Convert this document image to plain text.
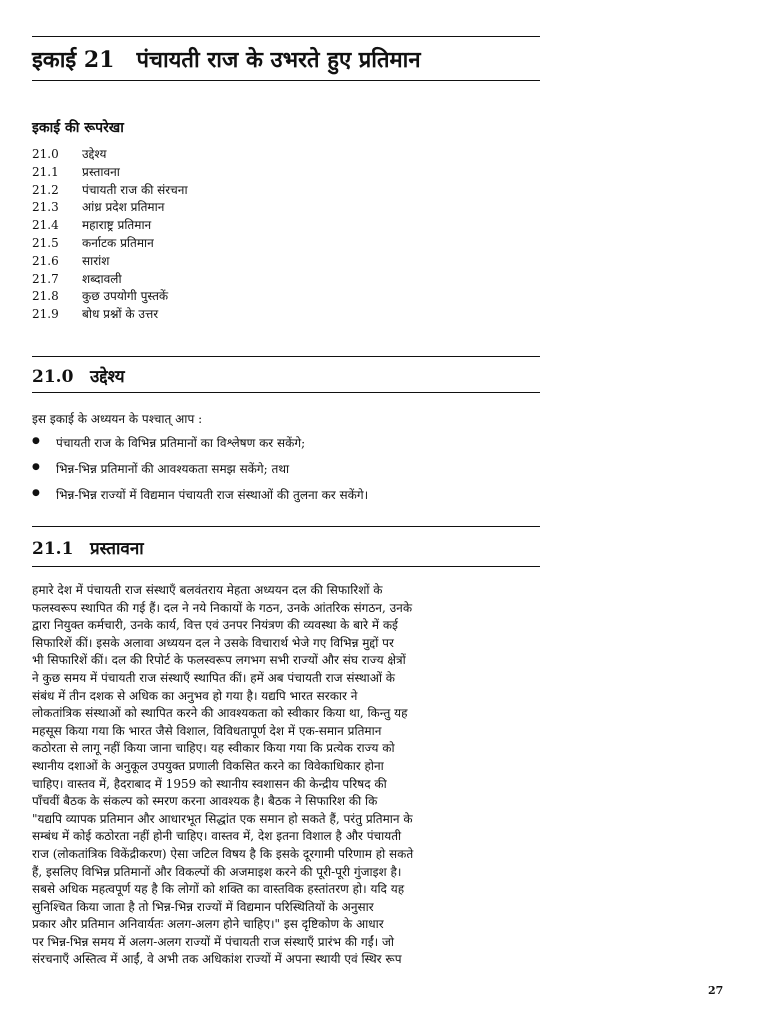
इकाई 21 पंचायती राज के उभरते हुए प्रतिमान
इकाई की रूपरेखा
21.0	उद्देश्य
21.1	प्रस्तावना
21.2	पंचायती राज की संरचना
21.3	आंध्र प्रदेश प्रतिमान
21.4	महाराष्ट्र प्रतिमान
21.5	कर्नाटक प्रतिमान
21.6	सारांश
21.7	शब्दावली
21.8	कुछ उपयोगी पुस्तकें
21.9	बोध प्रश्नों के उत्तर
21.0 उद्देश्य
इस इकाई के अध्ययन के पश्चात् आप :
●	पंचायती राज के विभिन्न प्रतिमानों का विश्लेषण कर सकेंगे;
●	भिन्न-भिन्न प्रतिमानों की आवश्यकता समझ सकेंगे; तथा
●	भिन्न-भिन्न राज्यों में विद्यमान पंचायती राज संस्थाओं की तुलना कर सकेंगे।
21.1 प्रस्तावना

हमारे देश में पंचायती राज संस्थाएँ बलवंतराय मेहता अध्ययन दल की सिफारिशों के
फलस्वरूप स्थापित की गई हैं। दल ने नये निकायों के गठन, उनके आंतरिक संगठन, उनके
द्वारा नियुक्त कर्मचारी, उनके कार्य, वित्त एवं उनपर नियंत्रण की व्यवस्था के बारे में कई
सिफारिशें कीं। इसके अलावा अध्ययन दल ने उसके विचारार्थ भेजे गए विभिन्न मुद्दों पर
भी सिफारिशें कीं। दल की रिपोर्ट के फलस्वरूप लगभग सभी राज्यों और संघ राज्य क्षेत्रों
ने कुछ समय में पंचायती राज संस्थाएँ स्थापित कीं। हमें अब पंचायती राज संस्थाओं के
संबंध में तीन दशक से अधिक का अनुभव हो गया है। यद्यपि भारत सरकार ने
लोकतांत्रिक संस्थाओं को स्थापित करने की आवश्यकता को स्वीकार किया था, किन्तु यह
महसूस किया गया कि भारत जैसे विशाल, विविधतापूर्ण देश में एक-समान प्रतिमान
कठोरता से लागू नहीं किया जाना चाहिए। यह स्वीकार किया गया कि प्रत्येक राज्य को
स्थानीय दशाओं के अनुकूल उपयुक्त प्रणाली विकसित करने का विवेकाधिकार होना
चाहिए। वास्तव में, हैदराबाद में 1959 को स्थानीय स्वशासन की केन्द्रीय परिषद की
पाँचवीं बैठक के संकल्प को स्मरण करना आवश्यक है। बैठक ने सिफारिश की कि
"यद्यपि व्यापक प्रतिमान और आधारभूत सिद्धांत एक समान हो सकते हैं, परंतु प्रतिमान के
सम्बंध में कोई कठोरता नहीं होनी चाहिए। वास्तव में, देश इतना विशाल है और पंचायती
राज (लोकतांत्रिक विकेंद्रीकरण) ऐसा जटिल विषय है कि इसके दूरगामी परिणाम हो सकते
हैं, इसलिए विभिन्न प्रतिमानों और विकल्पों की अजमाइश करने की पूरी-पूरी गुंजाइश है।
सबसे अधिक महत्वपूर्ण यह है कि लोगों को शक्ति का वास्तविक हस्तांतरण हो। यदि यह
सुनिश्चित किया जाता है तो भिन्न-भिन्न राज्यों में विद्यमान परिस्थितियों के अनुसार
प्रकार और प्रतिमान अनिवार्यतः अलग-अलग होने चाहिए।" इस दृष्टिकोण के आधार
पर भिन्न-भिन्न समय में अलग-अलग राज्यों में पंचायती राज संस्थाएँ प्रारंभ की गईं। जो
संरचनाएँ अस्तित्व में आईं, वे अभी तक अधिकांश राज्यों में अपना स्थायी एवं स्थिर रूप

27
